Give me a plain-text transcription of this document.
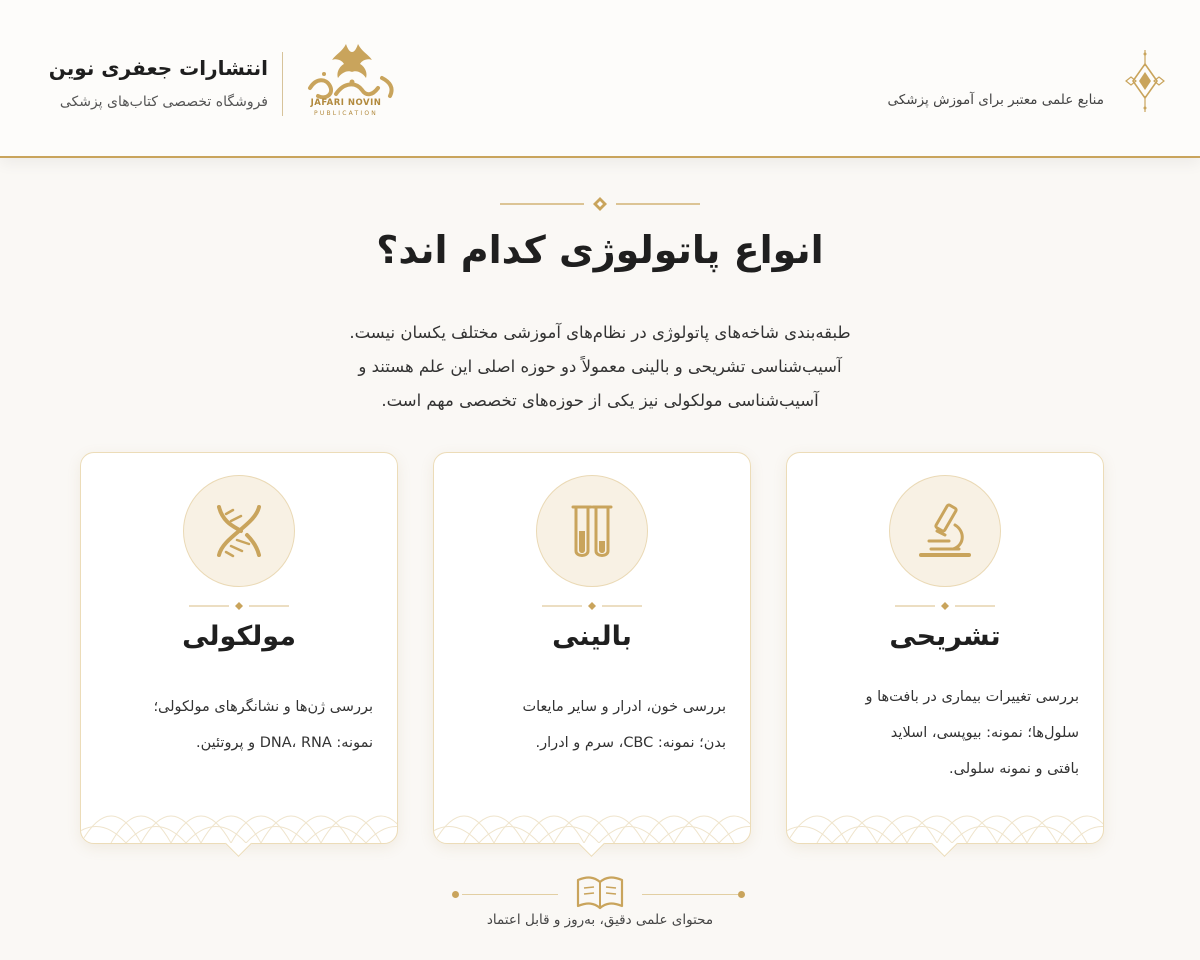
انتشارات جعفری نوین
فروشگاه تخصصی کتاب‌های پزشکی	JAFARI NOVIN
PUBLICATION
منابع علمی معتبر برای آموزش پزشکی
انواع پاتولوژی کدام اند؟
طبقه‌بندی شاخه‌های پاتولوژی در نظام‌های آموزشی مختلف یکسان نیست.
آسیب‌شناسی تشریحی و بالینی معمولاً دو حوزه اصلی این علم هستند و
آسیب‌شناسی مولکولی نیز یکی از حوزه‌های تخصصی مهم است.
مولکولی
بررسی ژن‌ها و نشانگرهای مولکولی؛
نمونه: DNA، RNA و پروتئین.
بالینی
بررسی خون، ادرار و سایر مایعات
بدن؛ نمونه: CBC، سرم و ادرار.
تشریحی
بررسی تغییرات بیماری در بافت‌ها و
سلول‌ها؛ نمونه: بیوپسی، اسلاید
بافتی و نمونه سلولی.
محتوای علمی دقیق، به‌روز و قابل اعتماد
